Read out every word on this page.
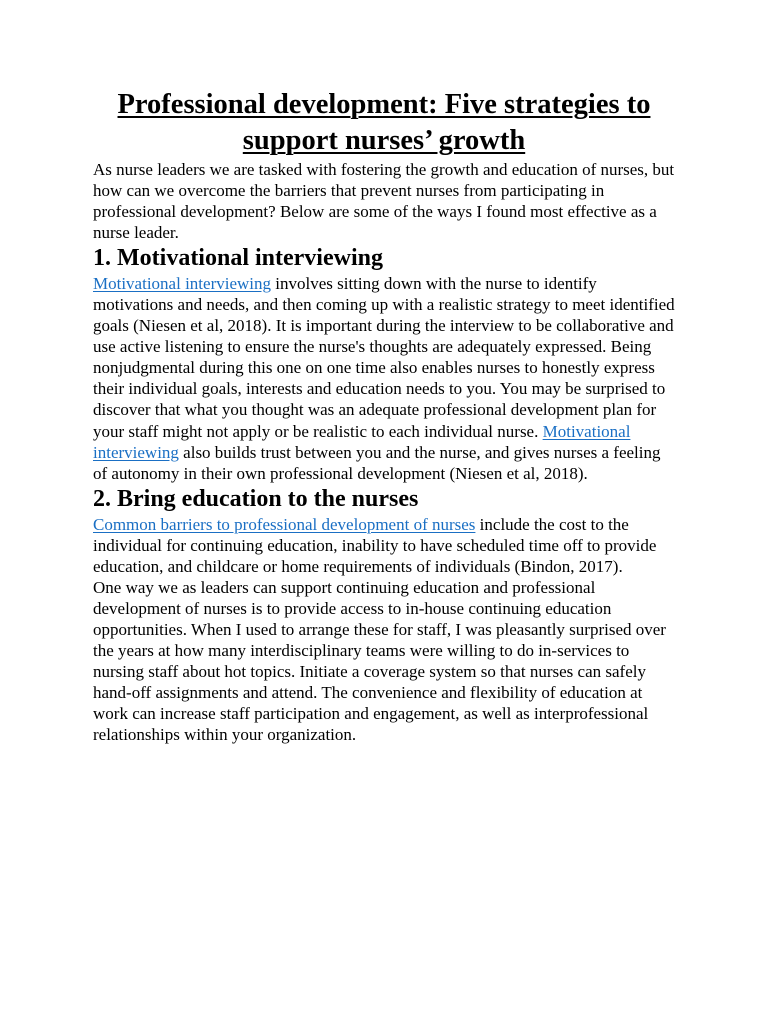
Professional development: Five strategies to support nurses’ growth

As nurse leaders we are tasked with fostering the growth and education of nurses, but how can we overcome the barriers that prevent nurses from participating in professional development? Below are some of the ways I found most effective as a nurse leader.

1. Motivational interviewing

Motivational interviewing involves sitting down with the nurse to identify motivations and needs, and then coming up with a realistic strategy to meet identified goals (Niesen et al, 2018). It is important during the interview to be collaborative and use active listening to ensure the nurse's thoughts are adequately expressed. Being nonjudgmental during this one on one time also enables nurses to honestly express their individual goals, interests and education needs to you. You may be surprised to discover that what you thought was an adequate professional development plan for your staff might not apply or be realistic to each individual nurse. Motivational interviewing also builds trust between you and the nurse, and gives nurses a feeling of autonomy in their own professional development (Niesen et al, 2018).

2. Bring education to the nurses

Common barriers to professional development of nurses include the cost to the individual for continuing education, inability to have scheduled time off to provide education, and childcare or home requirements of individuals (Bindon, 2017).

One way we as leaders can support continuing education and professional development of nurses is to provide access to in-house continuing education opportunities. When I used to arrange these for staff, I was pleasantly surprised over the years at how many interdisciplinary teams were willing to do in-services to nursing staff about hot topics. Initiate a coverage system so that nurses can safely hand-off assignments and attend. The convenience and flexibility of education at work can increase staff participation and engagement, as well as interprofessional relationships within your organization.
